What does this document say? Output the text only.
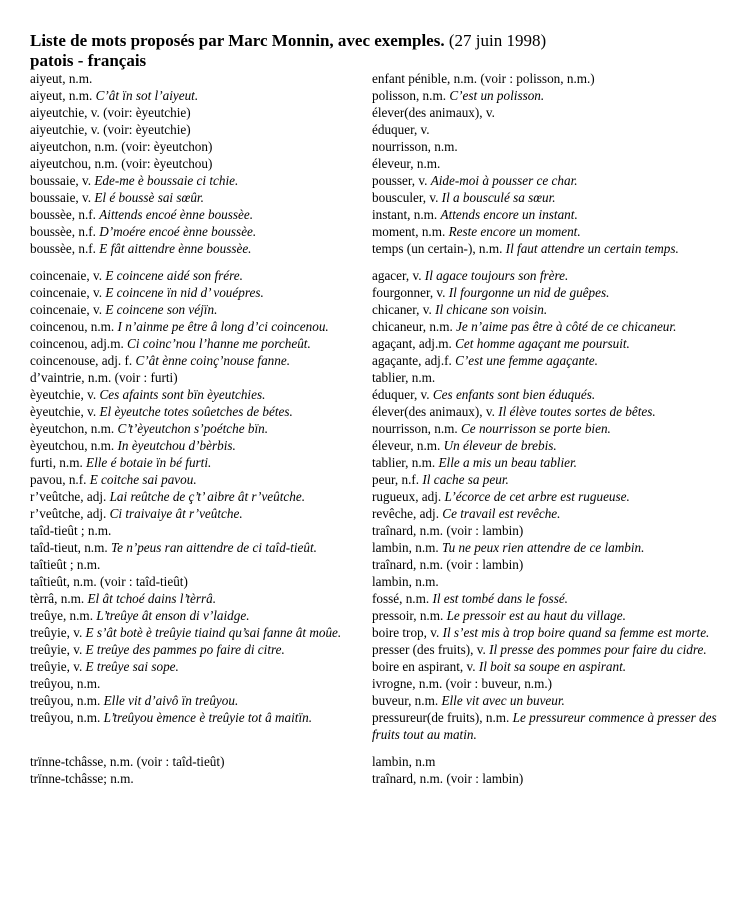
Liste de mots proposés par Marc Monnin, avec exemples. (27 juin 1998)
patois - français
aiyeut, n.m.	enfant pénible, n.m. (voir : polisson, n.m.)
aiyeut, n.m. C’ât ïn sot l’aiyeut.	polisson, n.m. C’est un polisson.
aiyeutchie, v. (voir: èyeutchie)	élever(des animaux), v.
aiyeutchie, v. (voir: èyeutchie)	éduquer, v.
aiyeutchon, n.m. (voir: èyeutchon)	nourrisson, n.m.
aiyeutchou, n.m. (voir: èyeutchou)	éleveur, n.m.
boussaie, v. Ede-me è boussaie ci tchie.	pousser, v. Aide-moi à pousser ce char.
boussaie, v. El é boussè sai sœûr.	bousculer, v. Il a bousculé sa sœur.
boussèe, n.f. Aittends encoé ènne boussèe.	instant, n.m. Attends encore un instant.
boussèe, n.f. D’moére encoé ènne boussèe.	moment, n.m. Reste encore un moment.
boussèe, n.f. E fât aittendre ènne boussèe.	temps (un certain-), n.m. Il faut attendre un certain temps.
coincenaie, v. E coincene aidé son frére.	agacer, v. Il agace toujours son frère.
coincenaie, v. E coincene ïn nid d’ vouépres.	fourgonner, v. Il fourgonne un nid de guêpes.
coincenaie, v. E coincene son véjïn.	chicaner, v. Il chicane son voisin.
coincenou, n.m. I n’ainme pe être â long d’ci coincenou.	chicaneur, n.m. Je n’aime pas être à côté de ce chicaneur.
coincenou, adj.m. Ci coinc’nou l’hanne me porcheût.	agaçant, adj.m. Cet homme agaçant me poursuit.
coincenouse, adj. f. C’ât ènne coinç’nouse fanne.	agaçante, adj.f. C’est une femme agaçante.
d’vaintrie, n.m. (voir : furti)	tablier, n.m.
èyeutchie, v. Ces afaints sont bïn èyeutchies.	éduquer, v. Ces enfants sont bien éduqués.
èyeutchie, v. El èyeutche totes soûetches de bétes.	élever(des animaux), v. Il élève toutes sortes de bêtes.
èyeutchon, n.m. C’t’èyeutchon s’poétche bïn.	nourrisson, n.m. Ce nourrisson se porte bien.
èyeutchou, n.m. In èyeutchou d’bèrbis.	éleveur, n.m. Un éleveur de brebis.
furti, n.m. Elle é botaie ïn bé furti.	tablier, n.m. Elle a mis un beau tablier.
pavou, n.f. E coitche sai pavou.	peur, n.f. Il cache sa peur.
r’veûtche, adj. Lai reûtche de ç’t’ aibre ât r’veûtche.	rugueux, adj. L’écorce de cet arbre est rugueuse.
r’veûtche, adj. Ci traivaiye ât r’veûtche.	revêche, adj. Ce travail est revêche.
taîd-tieût ; n.m.	traînard, n.m. (voir : lambin)
taîd-tieut, n.m. Te n’peus ran aittendre de ci taîd-tieût.	lambin, n.m. Tu ne peux rien attendre de ce lambin.
taîtieût ; n.m.	traînard, n.m. (voir : lambin)
taîtieût, n.m. (voir : taîd-tieût)	lambin, n.m.
tèrrâ, n.m. El ât tchoé dains l’tèrrâ.	fossé, n.m. Il est tombé dans le fossé.
treûye, n.m. L’treûye ât enson di v’laidge.	pressoir, n.m. Le pressoir est au haut du village.
treûyie, v. E s’ât botè è treûyie tiaind qu’sai fanne ât moûe.	boire trop, v. Il s’est mis à trop boire quand sa femme est morte.
treûyie, v. E treûye des pammes po faire di citre.	presser (des fruits), v. Il presse des pommes pour faire du cidre.
treûyie, v. E treûye sai sope.	boire en aspirant, v. Il boit sa soupe en aspirant.
treûyou, n.m.	ivrogne, n.m. (voir : buveur, n.m.)
treûyou, n.m. Elle vit d’aivô ïn treûyou.	buveur, n.m. Elle vit avec un buveur.
treûyou, n.m. L’treûyou èmence è treûyie tot â maitïn.	pressureur(de fruits), n.m. Le pressureur commence à presser des fruits tout au matin.
trïnne-tchâsse, n.m. (voir : taîd-tieût)	lambin, n.m
trïnne-tchâsse; n.m.	traînard, n.m. (voir : lambin)
